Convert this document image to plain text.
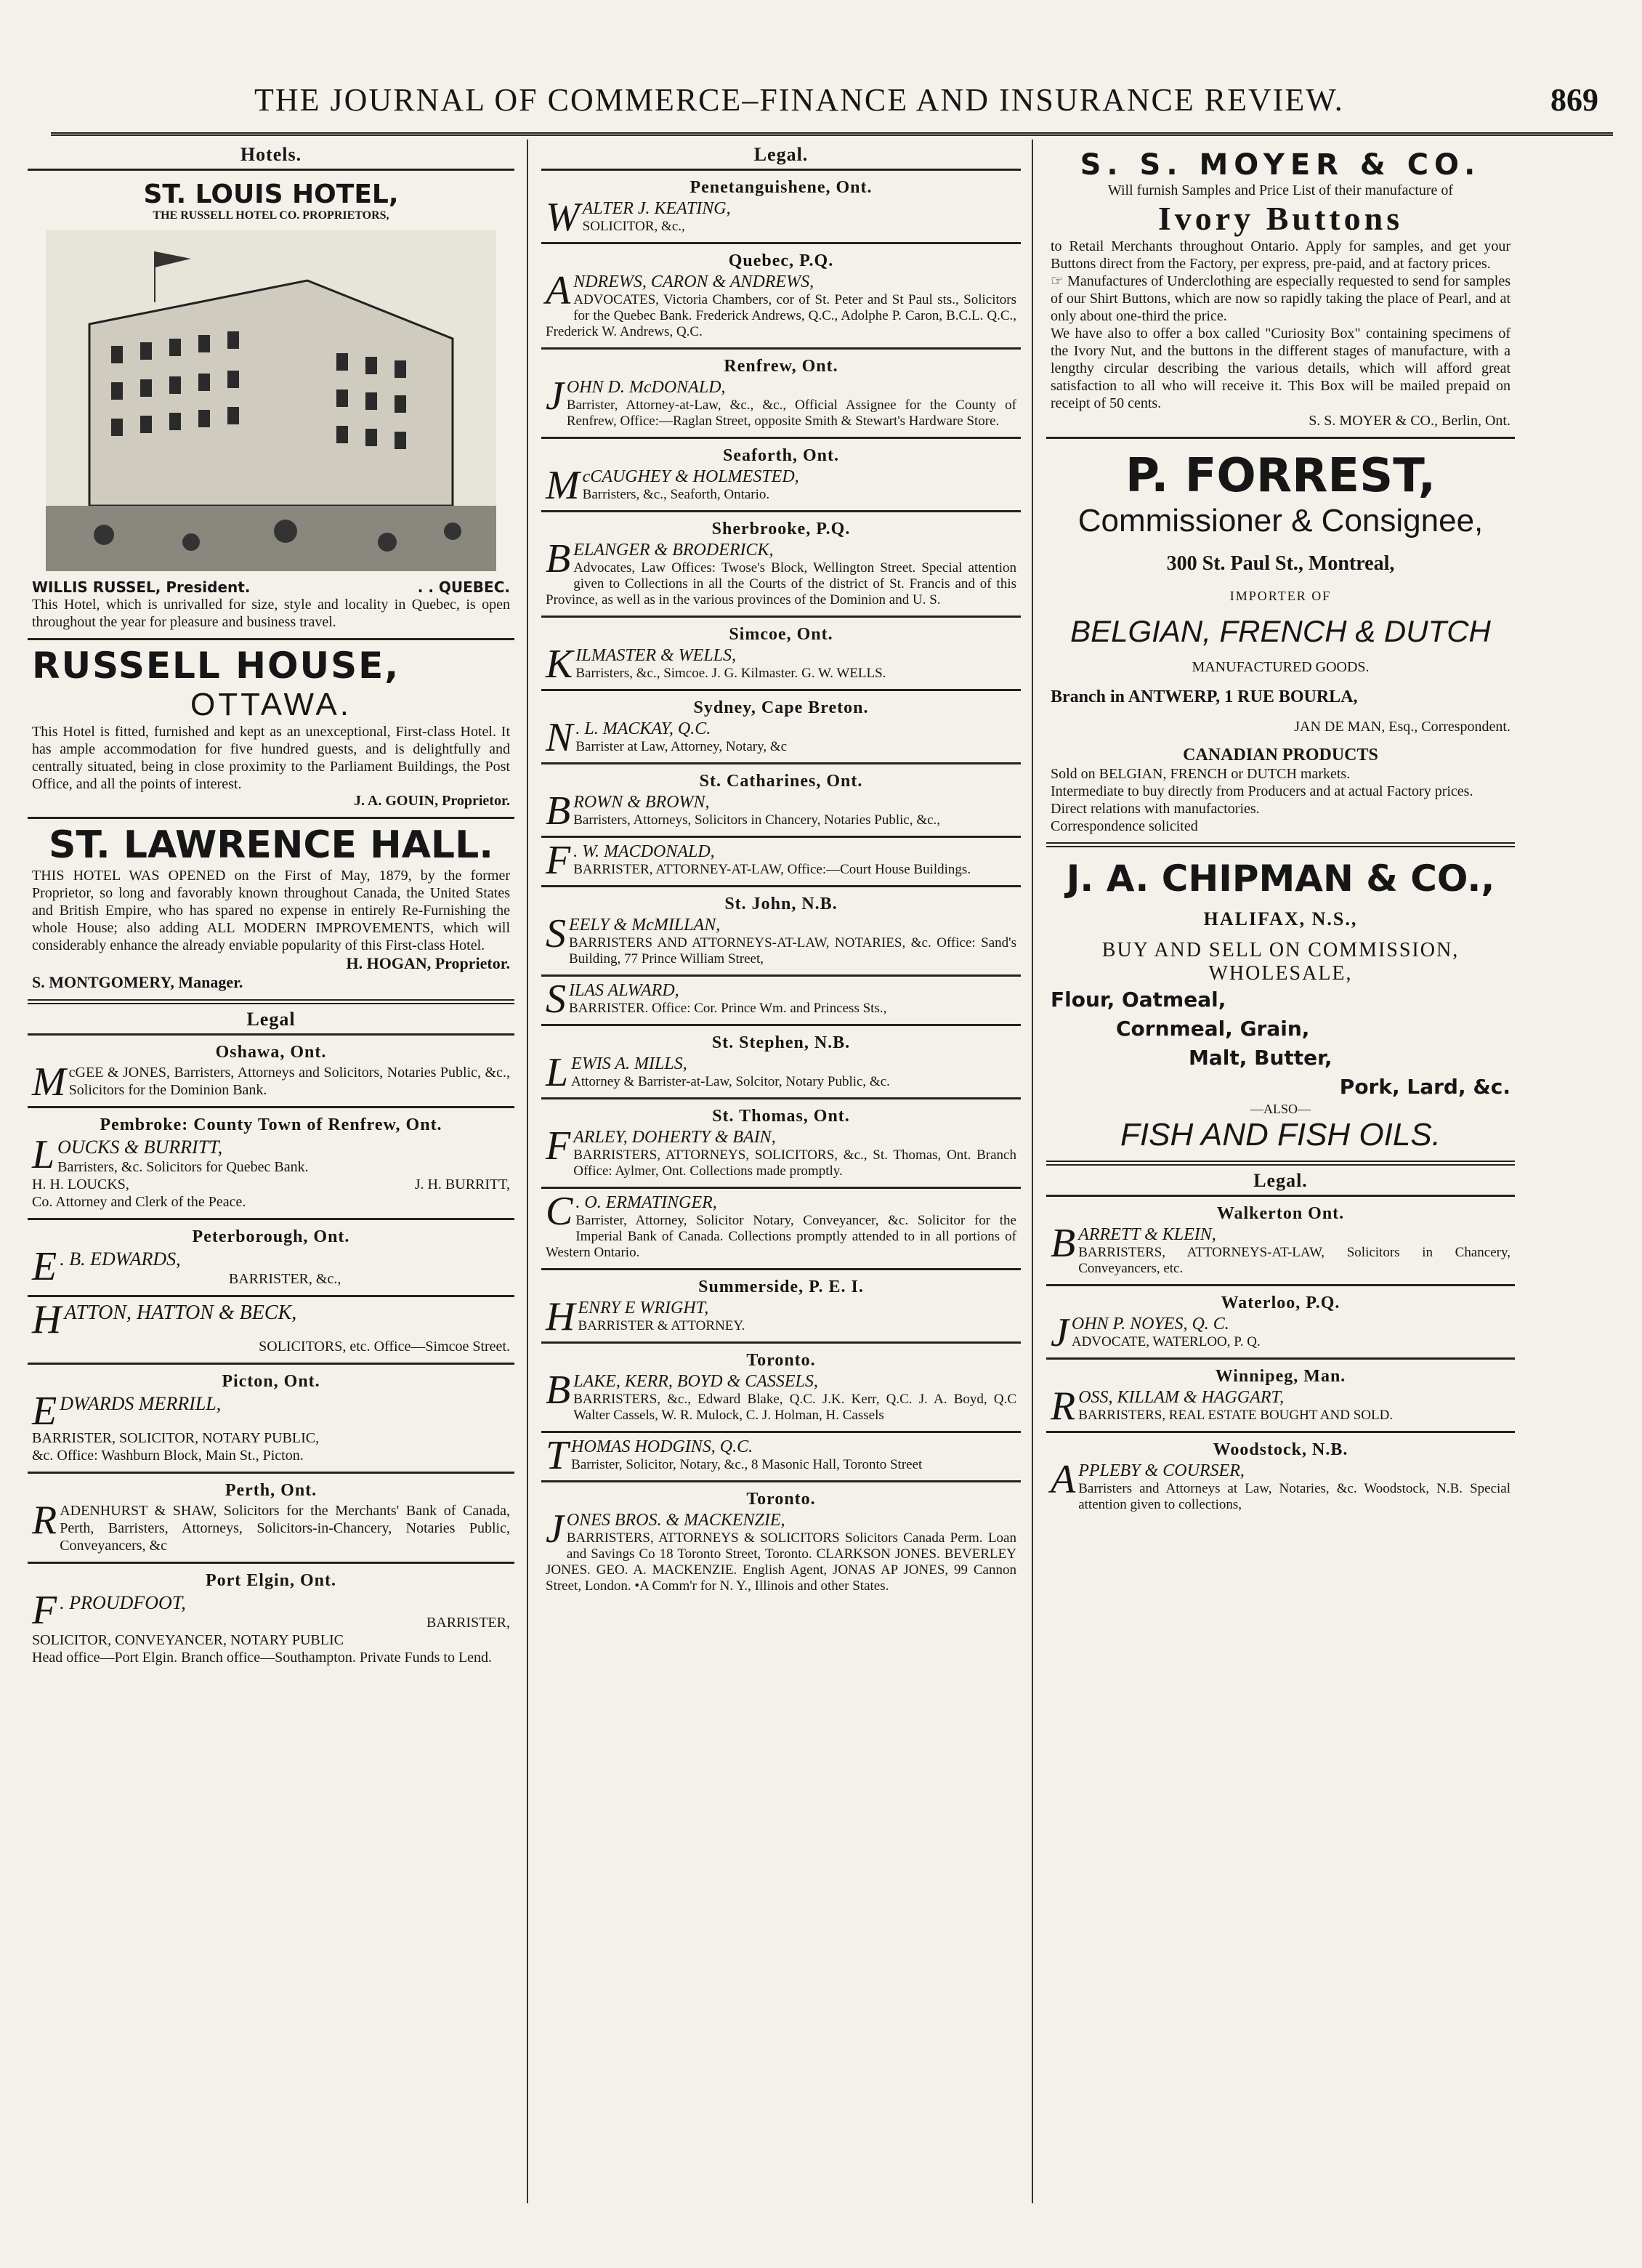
THE JOURNAL OF COMMERCE–FINANCE AND INSURANCE REVIEW.	869
Hotels.
ST. LOUIS HOTEL,
THE RUSSELL HOTEL CO. PROPRIETORS,
WILLIS RUSSEL, President.	. . QUEBEC.
This Hotel, which is unrivalled for size, style and locality in Quebec, is open throughout the year for pleasure and business travel.
RUSSELL HOUSE,
OTTAWA.
This Hotel is fitted, furnished and kept as an unexceptional, First-class Hotel. It has ample accommodation for five hundred guests, and is delightfully and centrally situated, being in close proximity to the Parliament Buildings, the Post Office, and all the points of interest.
J. A. GOUIN, Proprietor.
ST. LAWRENCE HALL.
THIS HOTEL WAS OPENED on the First of May, 1879, by the former Proprietor, so long and favorably known throughout Canada, the United States and British Empire, who has spared no expense in entirely Re-Furnishing the whole House; also adding ALL MODERN IMPROVEMENTS, which will considerably enhance the already enviable popularity of this First-class Hotel.
H. HOGAN, Proprietor.
S. MONTGOMERY, Manager.
Legal
Oshawa, Ont.
McGEE & JONES, Barristers, Attorneys and Solicitors, Notaries Public, &c., Solicitors for the Dominion Bank.
Pembroke: County Town of Renfrew, Ont.
LOUCKS & BURRITT,
Barristers, &c. Solicitors for Quebec Bank.
H. H. LOUCKS,	J. H. BURRITT,
Co. Attorney and Clerk of the Peace.
Peterborough, Ont.
E . B. EDWARDS,
BARRISTER, &c.,
HATTON, HATTON & BECK,
SOLICITORS, etc. Office—Simcoe Street.
Picton, Ont.
EDWARDS MERRILL,
BARRISTER, SOLICITOR, NOTARY PUBLIC,
&c. Office: Washburn Block, Main St., Picton.
Perth, Ont.
RADENHURST & SHAW, Solicitors for the Merchants' Bank of Canada, Perth, Barristers, Attorneys, Solicitors-in-Chancery, Notaries Public, Conveyancers, &c
Port Elgin, Ont.
F . PROUDFOOT,
BARRISTER,
SOLICITOR, CONVEYANCER, NOTARY PUBLIC
Head office—Port Elgin. Branch office—Southampton. Private Funds to Lend.
Legal.
Penetanguishene, Ont.
WALTER J. KEATING,
SOLICITOR, &c.,
Quebec, P.Q.
ANDREWS, CARON & ANDREWS,
ADVOCATES, Victoria Chambers, cor of St. Peter and St Paul sts., Solicitors for the Quebec Bank. Frederick Andrews, Q.C., Adolphe P. Caron, B.C.L. Q.C., Frederick W. Andrews, Q.C.
Renfrew, Ont.
JOHN D. McDONALD,
Barrister, Attorney-at-Law, &c., &c., Official Assignee for the County of Renfrew, Office:—Raglan Street, opposite Smith & Stewart's Hardware Store.
Seaforth, Ont.
McCAUGHEY & HOLMESTED,
Barristers, &c., Seaforth, Ontario.
Sherbrooke, P.Q.
BELANGER & BRODERICK,
Advocates, Law Offices: Twose's Block, Wellington Street. Special attention given to Collections in all the Courts of the district of St. Francis and of this Province, as well as in the various provinces of the Dominion and U. S.
Simcoe, Ont.
KILMASTER & WELLS,
Barristers, &c., Simcoe. J. G. Kilmaster. G. W. WELLS.
Sydney, Cape Breton.
N . L. MACKAY, Q.C.
Barrister at Law, Attorney, Notary, &c
St. Catharines, Ont.
BROWN & BROWN,
Barristers, Attorneys, Solicitors in Chancery, Notaries Public, &c.,
F . W. MACDONALD,
BARRISTER, ATTORNEY-AT-LAW, Office:—Court House Buildings.
St. John, N.B.
SEELY & McMILLAN,
BARRISTERS AND ATTORNEYS-AT-LAW, NOTARIES, &c. Office: Sand's Building, 77 Prince William Street,
SILAS ALWARD,
BARRISTER. Office: Cor. Prince Wm. and Princess Sts.,
St. Stephen, N.B.
LEWIS A. MILLS,
Attorney & Barrister-at-Law, Solcitor, Notary Public, &c.
St. Thomas, Ont.
FARLEY, DOHERTY & BAIN,
BARRISTERS, ATTORNEYS, SOLICITORS, &c., St. Thomas, Ont. Branch Office: Aylmer, Ont. Collections made promptly.
C . O. ERMATINGER,
Barrister, Attorney, Solicitor Notary, Conveyancer, &c. Solicitor for the Imperial Bank of Canada. Collections promptly attended to in all portions of Western Ontario.
Summerside, P. E. I.
HENRY E WRIGHT,
BARRISTER & ATTORNEY.
Toronto.
BLAKE, KERR, BOYD & CASSELS,
BARRISTERS, &c., Edward Blake, Q.C. J.K. Kerr, Q.C. J. A. Boyd, Q.C Walter Cassels, W. R. Mulock, C. J. Holman, H. Cassels
THOMAS HODGINS, Q.C.
Barrister, Solicitor, Notary, &c., 8 Masonic Hall, Toronto Street
Toronto.
JONES BROS. & MACKENZIE,
BARRISTERS, ATTORNEYS & SOLICITORS Solicitors Canada Perm. Loan and Savings Co 18 Toronto Street, Toronto. CLARKSON JONES. BEVERLEY JONES. GEO. A. MACKENZIE. English Agent, JONAS AP JONES, 99 Cannon Street, London. •A Comm'r for N. Y., Illinois and other States.
S. S. MOYER & CO.
Will furnish Samples and Price List of their manufacture of
Ivory Buttons
to Retail Merchants throughout Ontario. Apply for samples, and get your Buttons direct from the Factory, per express, pre-paid, and at factory prices.
☞ Manufactures of Underclothing are especially requested to send for samples of our Shirt Buttons, which are now so rapidly taking the place of Pearl, and at only about one-third the price.
We have also to offer a box called "Curiosity Box" containing specimens of the Ivory Nut, and the buttons in the different stages of manufacture, with a lengthy circular describing the various details, which will afford great satisfaction to all who will receive it. This Box will be mailed prepaid on receipt of 50 cents.
S. S. MOYER & CO., Berlin, Ont.
P. FORREST,
Commissioner & Consignee,
300 St. Paul St., Montreal,
IMPORTER OF
BELGIAN, FRENCH & DUTCH
MANUFACTURED GOODS.
Branch in ANTWERP, 1 RUE BOURLA,
JAN DE MAN, Esq., Correspondent.
CANADIAN PRODUCTS
Sold on BELGIAN, FRENCH or DUTCH markets.
Intermediate to buy directly from Producers and at actual Factory prices.
Direct relations with manufactories.
Correspondence solicited
J. A. CHIPMAN & CO.,
HALIFAX, N.S.,
BUY AND SELL ON COMMISSION,
WHOLESALE,
Flour, Oatmeal,
Cornmeal, Grain,
Malt, Butter,
Pork, Lard, &c.
—ALSO—
FISH AND FISH OILS.
Legal.
Walkerton Ont.
BARRETT & KLEIN,
BARRISTERS, ATTORNEYS-AT-LAW, Solicitors in Chancery, Conveyancers, etc.
Waterloo, P.Q.
JOHN P. NOYES, Q. C.
ADVOCATE, WATERLOO, P. Q.
Winnipeg, Man.
ROSS, KILLAM & HAGGART,
BARRISTERS, REAL ESTATE BOUGHT AND SOLD.
Woodstock, N.B.
APPLEBY & COURSER,
Barristers and Attorneys at Law, Notaries, &c. Woodstock, N.B. Special attention given to collections,
